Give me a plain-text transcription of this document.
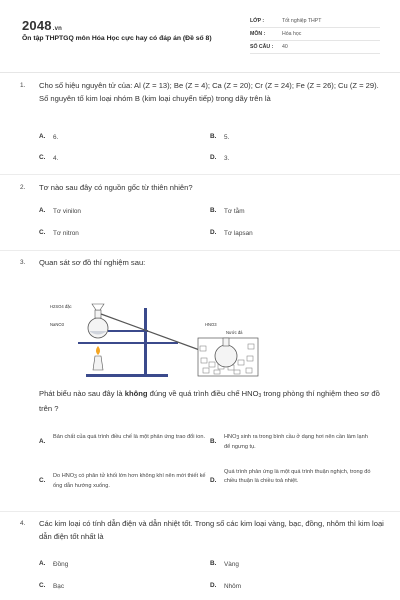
2048.vn
Ôn tập THPTGQ môn Hóa Học cực hay có đáp án (Đề số 8)
LỚP :	Tốt nghiệp THPT
MÔN :	Hóa học
SỐ CÂU :	40
1. Cho số hiệu nguyên tử của: Al (Z = 13); Be (Z = 4); Ca (Z = 20); Cr (Z = 24); Fe (Z = 26); Cu (Z = 29). Số nguyên tố kim loại nhóm B (kim loại chuyển tiếp) trong dãy trên là
A.	6.	B.	5.
C.	4.	D.	3.
2. Tơ nào sau đây có nguồn gốc từ thiên nhiên?
A.	Tơ vinilon	B.	Tơ tằm
C.	Tơ nitron	D.	Tơ lapsan
3. Quan sát sơ đồ thí nghiệm sau:
H2SO4 đặc
NaNO3	HNO3
Nước đá
Phát biểu nào sau đây là không đúng về quá trình điều chế $HNO_3$ trong phòng thí nghiệm theo sơ đồ trên ?
A.
Bản chất của quá trình điều chế là một phản ứng trao đổi ion.
B.
HNO3 sinh ra trong bình cầu ở dạng hơi nên cần làm lạnh để ngưng tụ.
C.
Do HNO3 có phân tử khối lớn hơn không khí nên mới thiết kế ống dẫn hướng xuống.
D.
Quá trình phản ứng là một quá trình thuận nghịch, trong đó chiều thuận là chiều toả nhiệt.
4. Các kim loại có tính dẫn điện và dẫn nhiệt tốt. Trong số các kim loại vàng, bạc, đồng, nhôm thì kim loại dẫn điện tốt nhất là
A.	Đồng	B.	Vàng
C.	Bạc	D.	Nhôm
